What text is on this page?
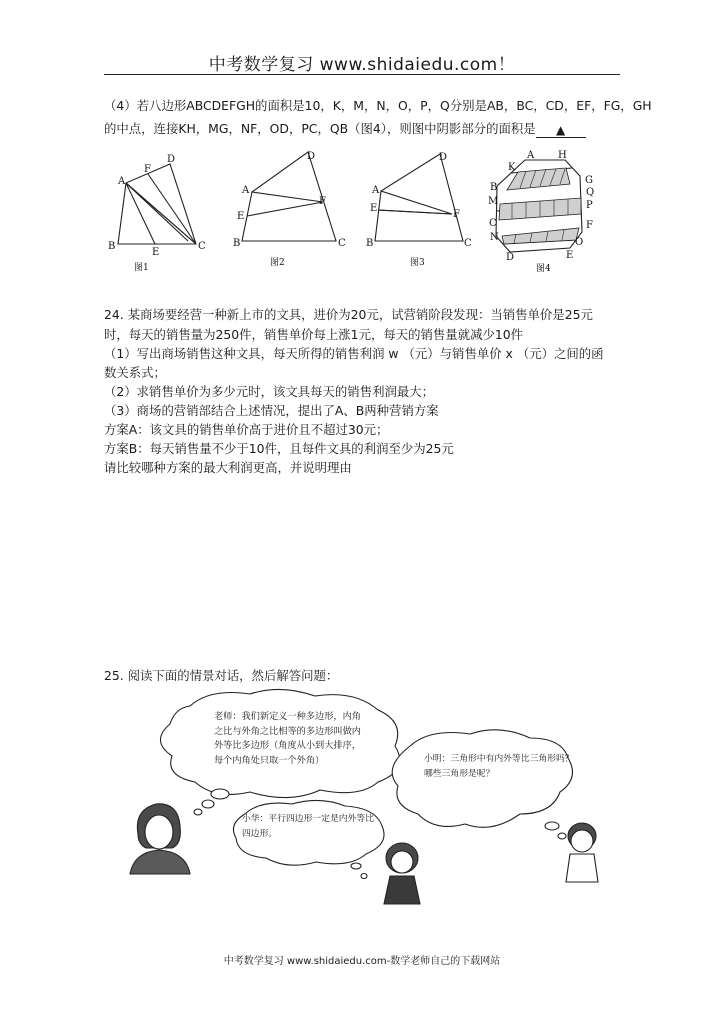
中考数学复习 www.shidaiedu.com！
（4）若八边形ABCDEFGH的面积是10，K，M，N，O，P，Q分别是AB，BC，CD，EF，FG，GH
的中点，连接KH，MG，NF，OD，PC，QB（图4），则图中阴影部分的面积是 ▲
D
F
A
B
E
C
D
A
F
E
B	C
D
A
E
F
B	C
A H
K
G
B
M	P
Q
F
C
N
D	E
O
图1	图2	图3
图4
24. 某商场要经营一种新上市的文具，进价为20元，试营销阶段发现：当销售单价是25元
时，每天的销售量为250件，销售单价每上涨1元，每天的销售量就减少10件
（1）写出商场销售这种文具，每天所得的销售利润 w （元）与销售单价 x （元）之间的函
数关系式；
（2）求销售单价为多少元时，该文具每天的销售利润最大；
（3）商场的营销部结合上述情况，提出了A、B两种营销方案
方案A：该文具的销售单价高于进价且不超过30元；
方案B：每天销售量不少于10件，且每件文具的利润至少为25元
请比较哪种方案的最大利润更高，并说明理由
25. 阅读下面的情景对话，然后解答问题：
老师：我们新定义一种多边形，内角
之比与外角之比相等的多边形叫做内
外等比多边形（角度从小到大排序，
每个内角处只取一个外角）	小明：三角形中有内外等比三角形吗？
哪些三角形是呢？
小华：平行四边形一定是内外等比
四边形。
中考数学复习 www.shidaiedu.com-数学老师自己的下载网站
